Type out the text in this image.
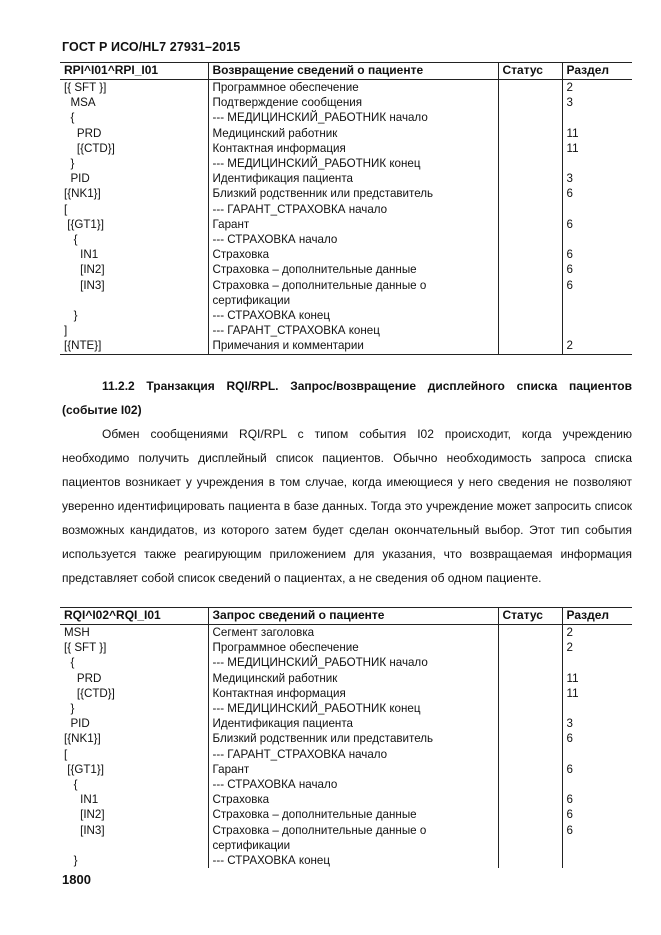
ГОСТ Р ИСО/HL7 27931–2015
RPI^I01^RPI_I01	Возвращение сведений о пациенте	Статус	Раздел
[{ SFT }]	Программное обеспечение		2
MSA	Подтверждение сообщения		3
{	--- МЕДИЦИНСКИЙ_РАБОТНИК начало		
PRD	Медицинский работник		11
[{CTD}]	Контактная информация		11
}	--- МЕДИЦИНСКИЙ_РАБОТНИК конец		
PID	Идентификация пациента		3
[{NK1}]	Близкий родственник или представитель		6
[	--- ГАРАНТ_СТРАХОВКА начало		
[{GT1}]	Гарант		6
{	--- СТРАХОВКА начало		
IN1	Страховка		6
[IN2]	Страховка – дополнительные данные		6
[IN3]	Страховка – дополнительные данные о сертификации		6
}	--- СТРАХОВКА конец		
]	--- ГАРАНТ_СТРАХОВКА конец		
[{NTE}]	Примечания и комментарии		2

11.2.2 Транзакция RQI/RPL. Запрос/возвращение дисплейного списка пациентов (событие I02)

Обмен сообщениями RQI/RPL с типом события I02 происходит, когда учреждению необходимо получить дисплейный список пациентов. Обычно необходимость запроса списка пациентов возникает у учреждения в том случае, когда имеющиеся у него сведения не позволяют уверенно идентифицировать пациента в базе данных. Тогда это учреждение может запросить список возможных кандидатов, из которого затем будет сделан окончательный выбор. Этот тип события используется также реагирующим приложением для указания, что возвращаемая информация представляет собой список сведений о пациентах, а не сведения об одном пациенте.

RQI^I02^RQI_I01	Запрос сведений о пациенте	Статус	Раздел
MSH	Сегмент заголовка		2
[{ SFT }]	Программное обеспечение		2
{	--- МЕДИЦИНСКИЙ_РАБОТНИК начало		
PRD	Медицинский работник		11
[{CTD}]	Контактная информация		11
}	--- МЕДИЦИНСКИЙ_РАБОТНИК конец		
PID	Идентификация пациента		3
[{NK1}]	Близкий родственник или представитель		6
[	--- ГАРАНТ_СТРАХОВКА начало		
[{GT1}]	Гарант		6
{	--- СТРАХОВКА начало		
IN1	Страховка		6
[IN2]	Страховка – дополнительные данные		6
[IN3]	Страховка – дополнительные данные о сертификации		6
}	--- СТРАХОВКА конец		
1800
